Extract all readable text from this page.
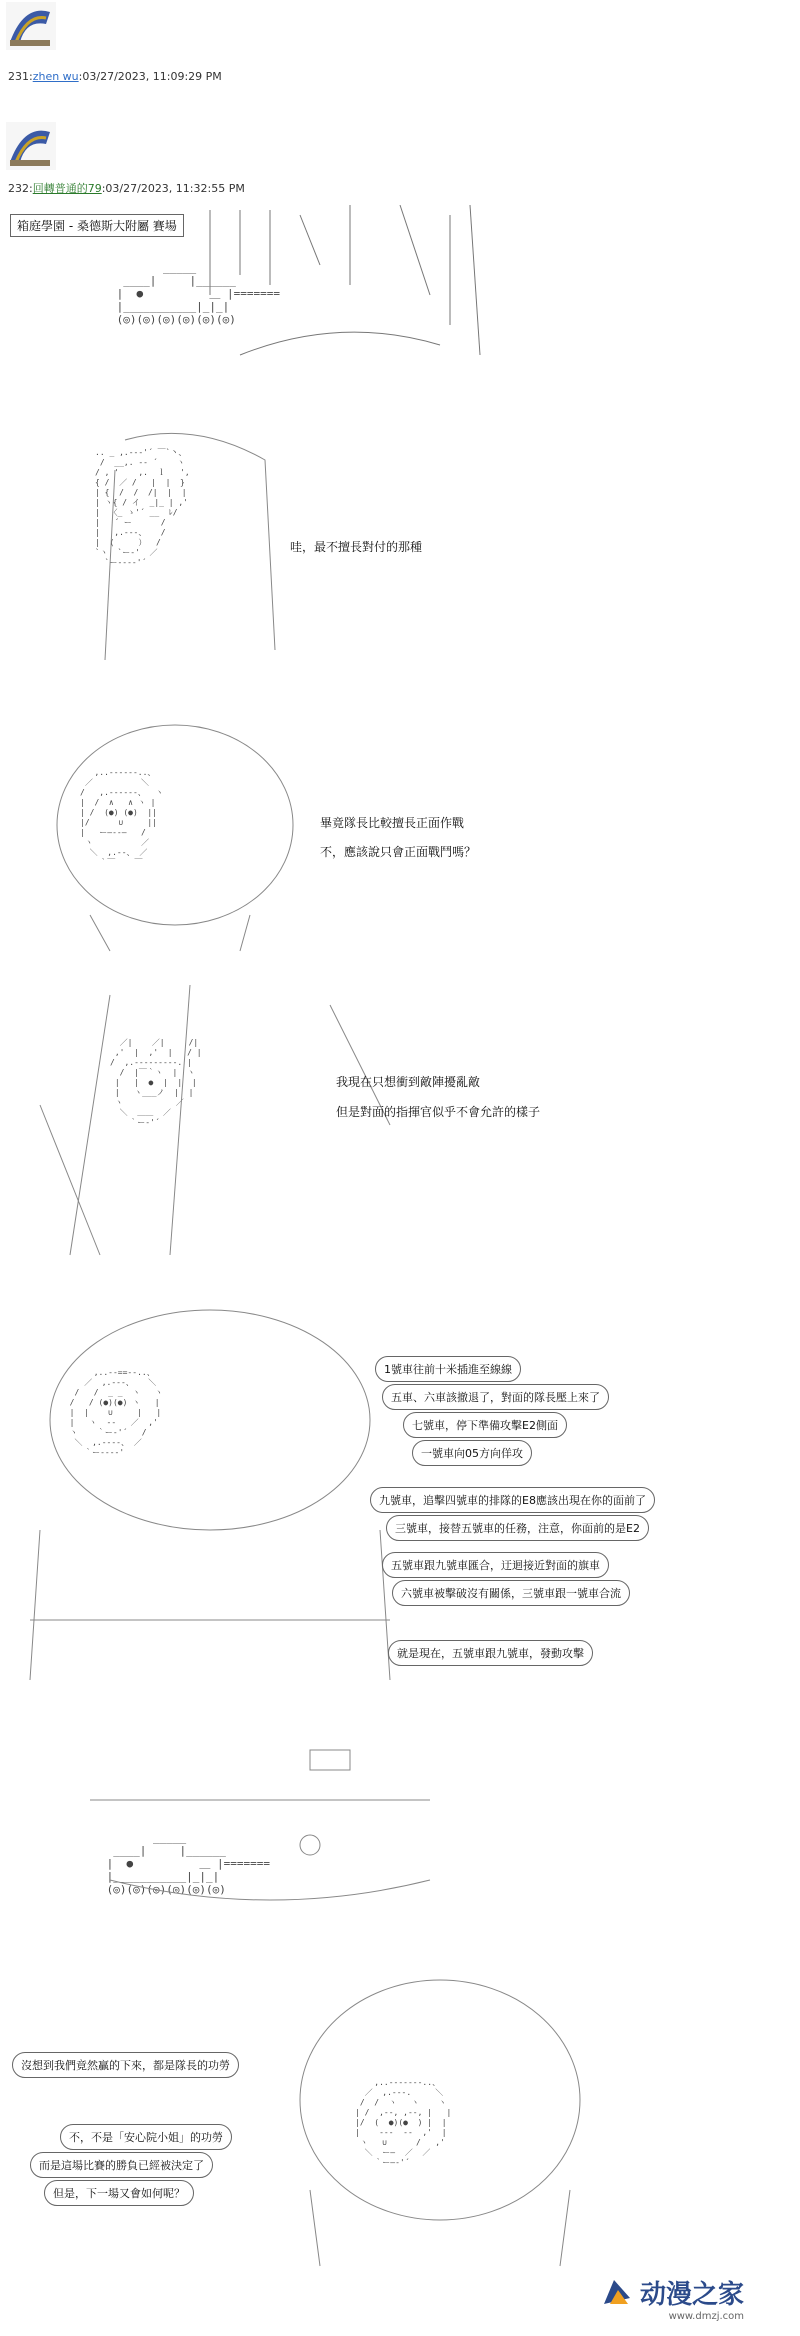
231:zhen wu:03/27/2023, 11:09:29 PM
232:回轉普通的79:03/27/2023, 11:32:55 PM
箱庭學園 - 桑德斯大附屬 賽場
_____
____|     |______
|  ●          ＿ |=======
|___________|_|_|
(◎)(◎)(◎)(◎)(◎)(◎)
.. _ ,.--‐'´ ￣`丶、
/  __,. -‐ ´    ヽ
/ , '    ,.  ｌ   ',
{ /  ／ /   |  |  }
| {  /  /  /|  |  |
| ヽ{ / イ  _|_ | ,'
|  〈_ ゝ'´ __  ﾚ/
|   ´ ー      /
|   ,.-‐-、   /
|  (     ）  /
`ヽ  `ー‐'  ／
`ー---‐'´
哇，最不擅長對付的那種
,..-‐‐‐‐-..、
／          ＼
/   ,.-‐‐‐‐-、  ヽ
|  /  ∧   ∧ ヽ |
| /  (●) (●)  ||
|/      ∪     ||
|   ー―‐‐―   /
ヽ          ／
＼  ,.--、 ／
｀￣    ￣
畢竟隊長比較擅長正面作戰
不，應該說只會正面戰鬥嗎？
／|    ／|     /|
,'  |  ,'  |   / |
/  ,.-‐‐‐‐‐‐‐-. |
/  |￣｀ヽ  |  ヽ
|   |  ●  |  |  |
|   ヽ___ノ  |  |
ヽ           ／
＼  ＿＿  ／
｀ー‐'´
我現在只想衝到敵陣擾亂敵
但是對面的指揮官似乎不會允許的樣子
,..-‐==‐-..、
／  ,.-‐-、   ＼
/   /  _ _  ヽ   ヽ
/   / (●)(●) ヽ   |
|  |    ∪     |   |
|   ヽ  ‐‐   ／  ,'
ヽ    ｀ー‐'´   /
＼  ,.-‐‐-、 ／
｀ー‐‐‐‐'
1號車往前十米插進至線線
五車、六車該撤退了，對面的隊長壓上來了
七號車，停下準備攻擊E2側面
一號車向05方向佯攻
九號車，追擊四號車的排隊的E8應該出現在你的面前了
三號車，接替五號車的任務，注意，你面前的是E2
五號車跟九號車匯合，迂迴接近對面的旗車
六號車被擊破沒有關係，三號車跟一號車合流
就是現在，五號車跟九號車，發動攻擊
_____
____|     |______
|  ●          ＿ |=======
|___________|_|_|
(◎)(◎)(◎)(◎)(◎)(◎)
沒想到我們竟然贏的下來，都是隊長的功勞
不，不是「安心院小姐」的功勞
而是這場比賽的勝負已經被決定了
但是，下一場又會如何呢？
,..-‐‐‐‐‐-..、
／  ,.-‐-.     ＼
/  /  ヽ   ヽ    ヽ
| /  ,--, ,--, |   |
|/  (  ●)(●  ) |  |
|    ‐‐‐  ‐‐  ,'  |
ヽ   ∪      /   ,'
＼  ー―  ／  ／
｀ー―‐'´
动漫之家
www.dmzj.com
